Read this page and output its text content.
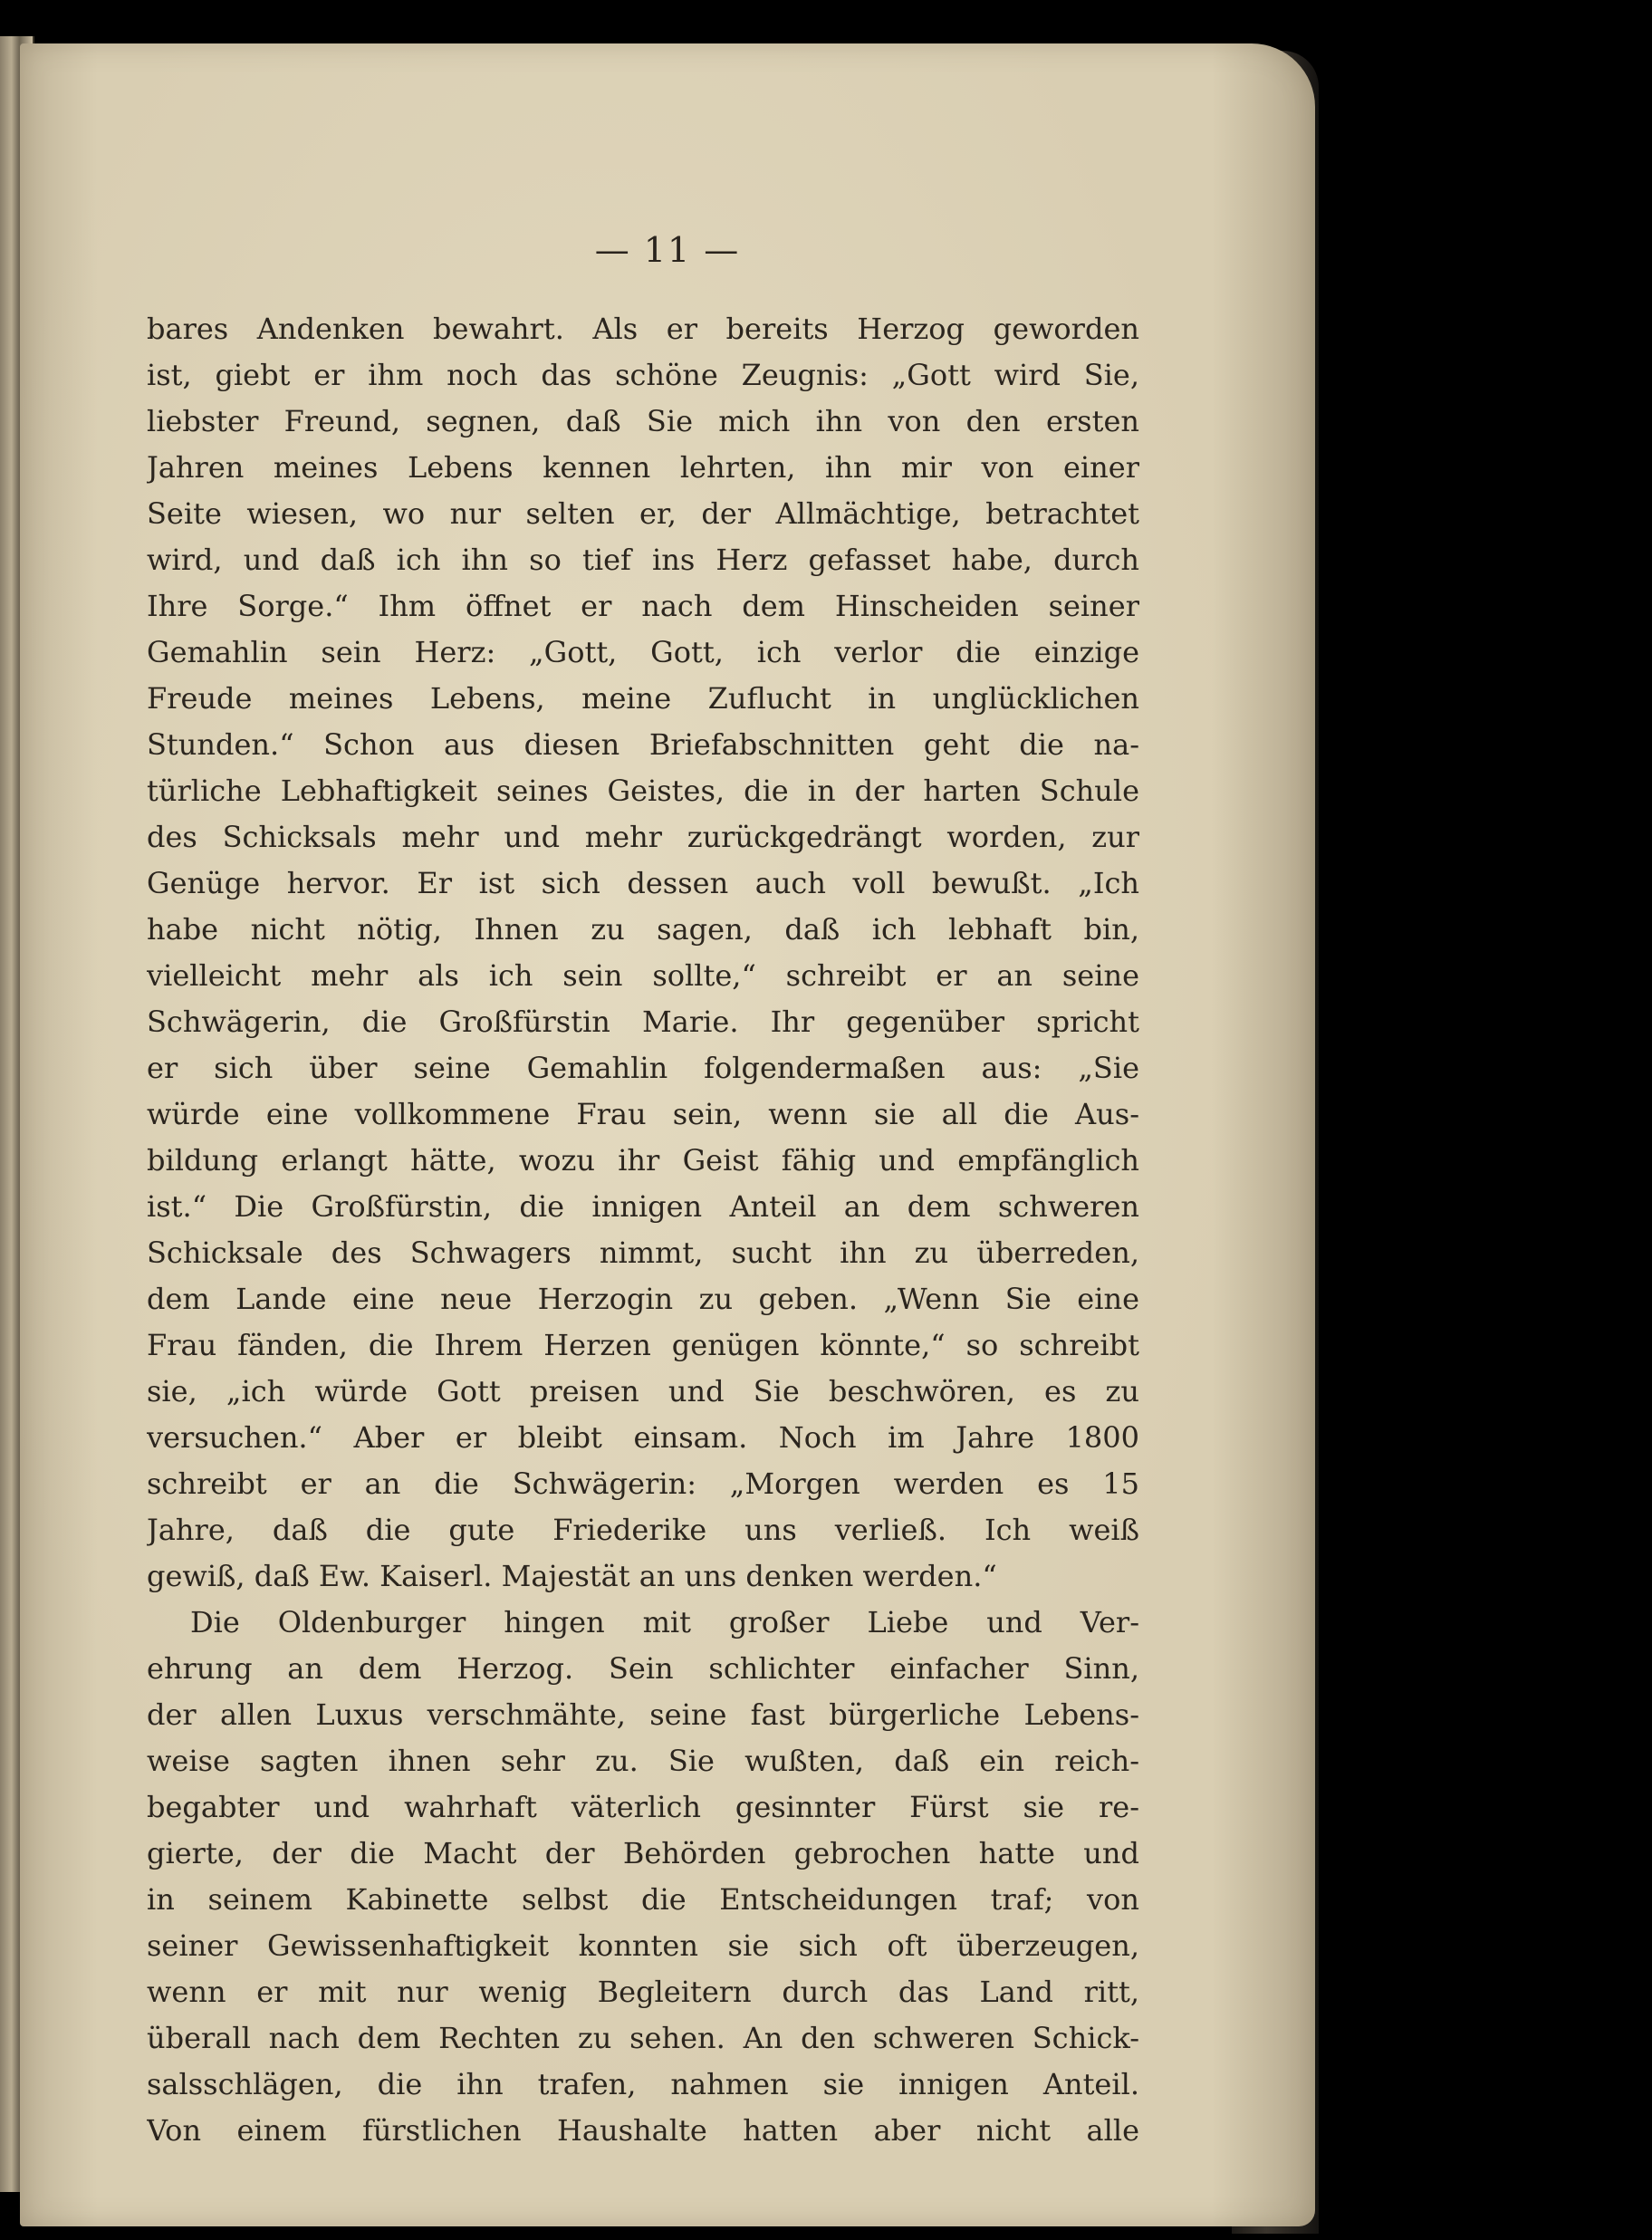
— 11 —
bares Andenken bewahrt. Als er bereits Herzog geworden
ist, giebt er ihm noch das schöne Zeugnis: „Gott wird Sie,
liebster Freund, segnen, daß Sie mich ihn von den ersten
Jahren meines Lebens kennen lehrten, ihn mir von einer
Seite wiesen, wo nur selten er, der Allmächtige, betrachtet
wird, und daß ich ihn so tief ins Herz gefasset habe, durch
Ihre Sorge.“ Ihm öffnet er nach dem Hinscheiden seiner
Gemahlin sein Herz: „Gott, Gott, ich verlor die einzige
Freude meines Lebens, meine Zuflucht in unglücklichen
Stunden.“ Schon aus diesen Briefabschnitten geht die na-
türliche Lebhaftigkeit seines Geistes, die in der harten Schule
des Schicksals mehr und mehr zurückgedrängt worden, zur
Genüge hervor. Er ist sich dessen auch voll bewußt. „Ich
habe nicht nötig, Ihnen zu sagen, daß ich lebhaft bin,
vielleicht mehr als ich sein sollte,“ schreibt er an seine
Schwägerin, die Großfürstin Marie. Ihr gegenüber spricht
er sich über seine Gemahlin folgendermaßen aus: „Sie
würde eine vollkommene Frau sein, wenn sie all die Aus-
bildung erlangt hätte, wozu ihr Geist fähig und empfänglich
ist.“ Die Großfürstin, die innigen Anteil an dem schweren
Schicksale des Schwagers nimmt, sucht ihn zu überreden,
dem Lande eine neue Herzogin zu geben. „Wenn Sie eine
Frau fänden, die Ihrem Herzen genügen könnte,“ so schreibt
sie, „ich würde Gott preisen und Sie beschwören, es zu
versuchen.“ Aber er bleibt einsam. Noch im Jahre 1800
schreibt er an die Schwägerin: „Morgen werden es 15
Jahre, daß die gute Friederike uns verließ. Ich weiß
gewiß, daß Ew. Kaiserl. Majestät an uns denken werden.“
Die Oldenburger hingen mit großer Liebe und Ver-
ehrung an dem Herzog. Sein schlichter einfacher Sinn,
der allen Luxus verschmähte, seine fast bürgerliche Lebens-
weise sagten ihnen sehr zu. Sie wußten, daß ein reich-
begabter und wahrhaft väterlich gesinnter Fürst sie re-
gierte, der die Macht der Behörden gebrochen hatte und
in seinem Kabinette selbst die Entscheidungen traf; von
seiner Gewissenhaftigkeit konnten sie sich oft überzeugen,
wenn er mit nur wenig Begleitern durch das Land ritt,
überall nach dem Rechten zu sehen. An den schweren Schick-
salsschlägen, die ihn trafen, nahmen sie innigen Anteil.
Von einem fürstlichen Haushalte hatten aber nicht alle
